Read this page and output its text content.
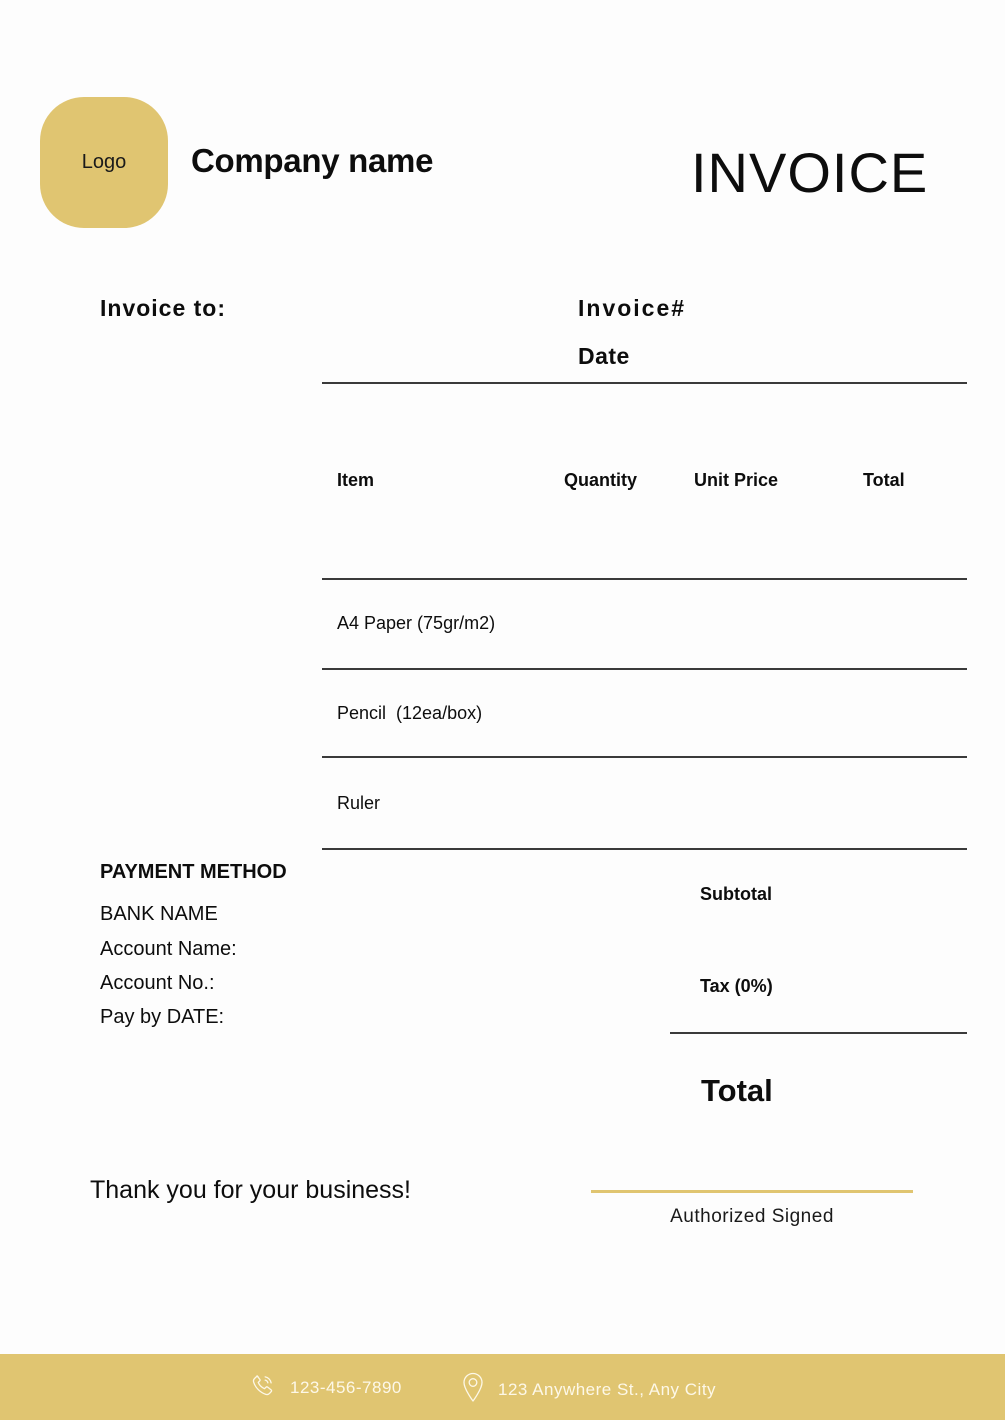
Logo Company name	INVOICE
Invoice to:	Invoice#
Date
Item	Quantity	Unit Price	Total
A4 Paper (75gr/m2)
Pencil  (12ea/box)
Ruler
PAYMENT METHOD
BANK NAME
Account Name:
Account No.:
Pay by DATE:
Subtotal
Tax (0%)
Total
Thank you for your business!
Authorized Signed
123-456-7890	123 Anywhere St., Any City
